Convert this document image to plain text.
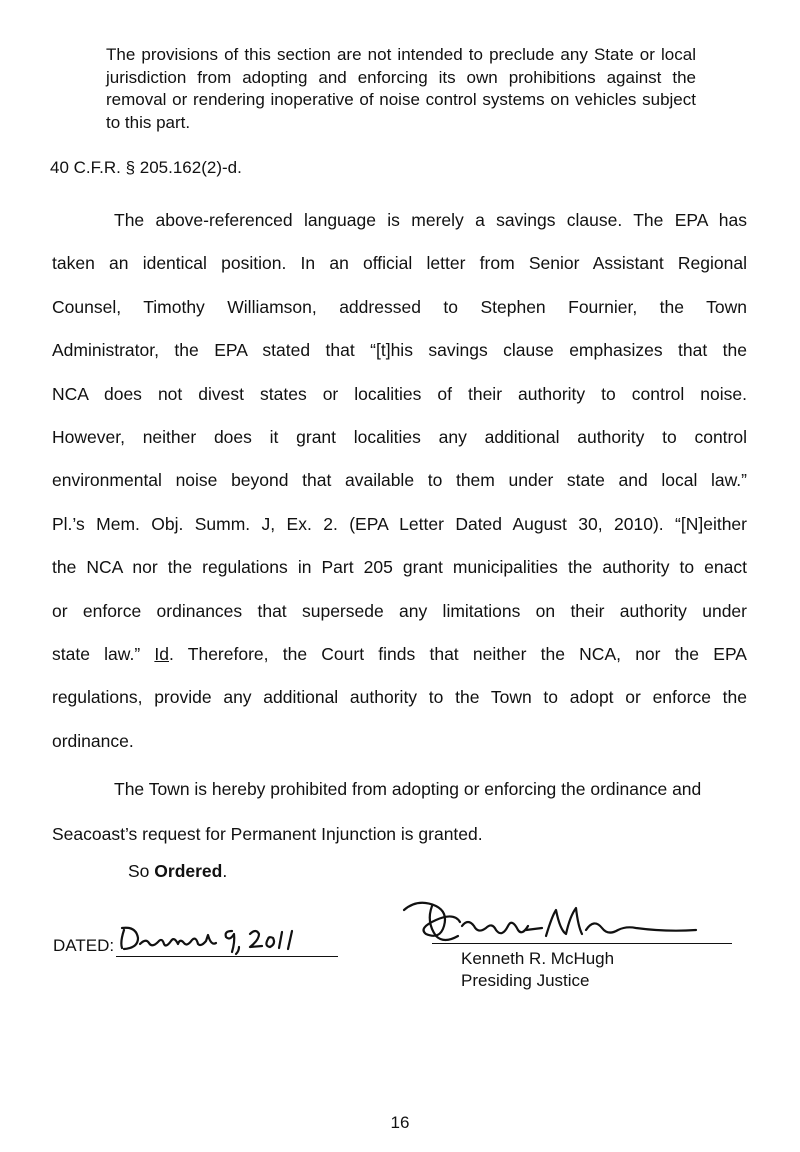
The provisions of this section are not intended to preclude any State or local jurisdiction from adopting and enforcing its own prohibitions against the removal or rendering inoperative of noise control systems on vehicles subject to this part.
40 C.F.R. § 205.162(2)-d.
The above-referenced language is merely a savings clause. The EPA has
taken an identical position. In an official letter from Senior Assistant Regional
Counsel, Timothy Williamson, addressed to Stephen Fournier, the Town
Administrator, the EPA stated that “[t]his savings clause emphasizes that the
NCA does not divest states or localities of their authority to control noise.
However, neither does it grant localities any additional authority to control
environmental noise beyond that available to them under state and local law.”
Pl.’s Mem. Obj. Summ. J, Ex. 2. (EPA Letter Dated August 30, 2010). “[N]either
the NCA nor the regulations in Part 205 grant municipalities the authority to enact
or enforce ordinances that supersede any limitations on their authority under
state law.” Id. Therefore, the Court finds that neither the NCA, nor the EPA
regulations, provide any additional authority to the Town to adopt or enforce the
ordinance.
The Town is hereby prohibited from adopting or enforcing the ordinance and
Seacoast’s request for Permanent Injunction is granted.
So Ordered.
DATED:
Kenneth R. McHugh
Presiding Justice
16
